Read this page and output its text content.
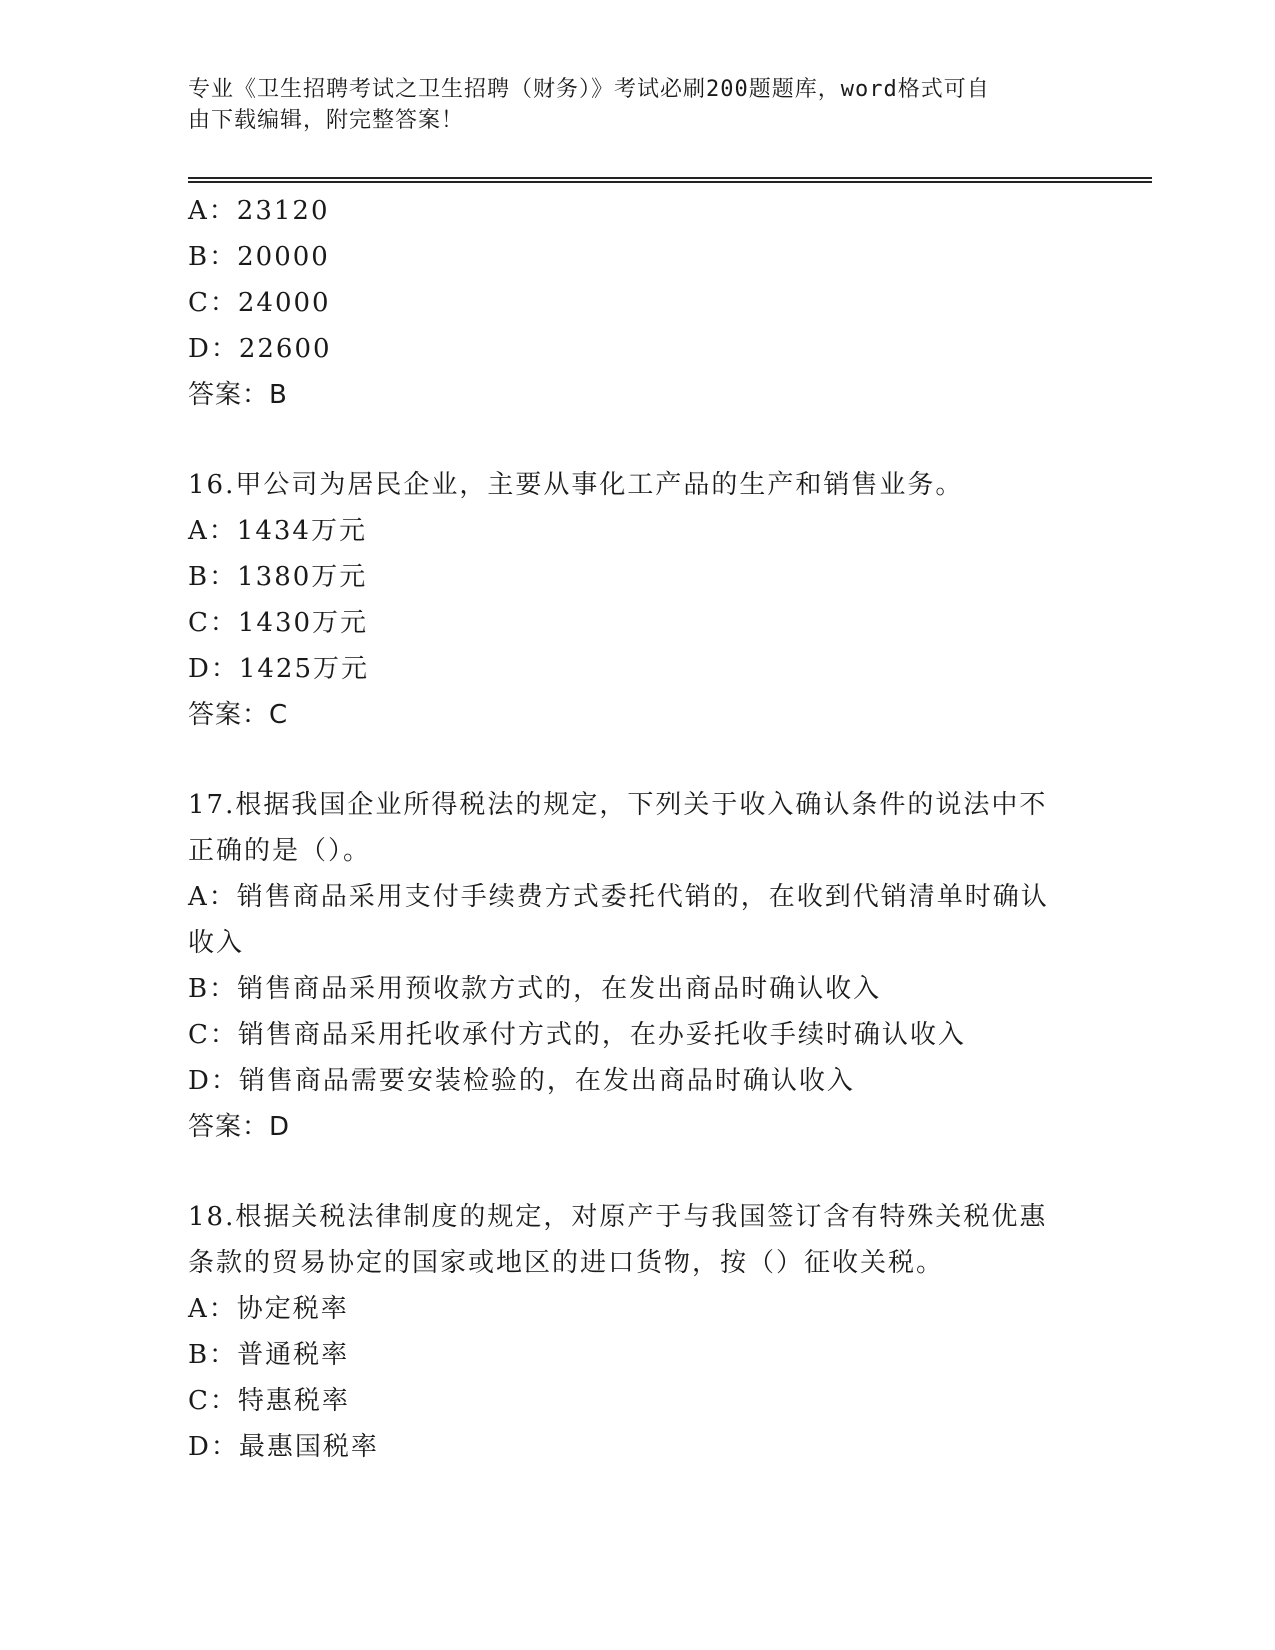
专业《卫生招聘考试之卫生招聘（财务）》考试必刷200题题库，word格式可自
由下载编辑，附完整答案！
A：23120
B：20000
C：24000
D：22600
答案：B
16.甲公司为居民企业，主要从事化工产品的生产和销售业务。
A：1434万元
B：1380万元
C：1430万元
D：1425万元
答案：C
17.根据我国企业所得税法的规定，下列关于收入确认条件的说法中不
正确的是（）。
A：销售商品采用支付手续费方式委托代销的，在收到代销清单时确认
收入
B：销售商品采用预收款方式的，在发出商品时确认收入
C：销售商品采用托收承付方式的，在办妥托收手续时确认收入
D：销售商品需要安装检验的，在发出商品时确认收入
答案：D
18.根据关税法律制度的规定，对原产于与我国签订含有特殊关税优惠
条款的贸易协定的国家或地区的进口货物，按（）征收关税。
A：协定税率
B：普通税率
C：特惠税率
D：最惠国税率
